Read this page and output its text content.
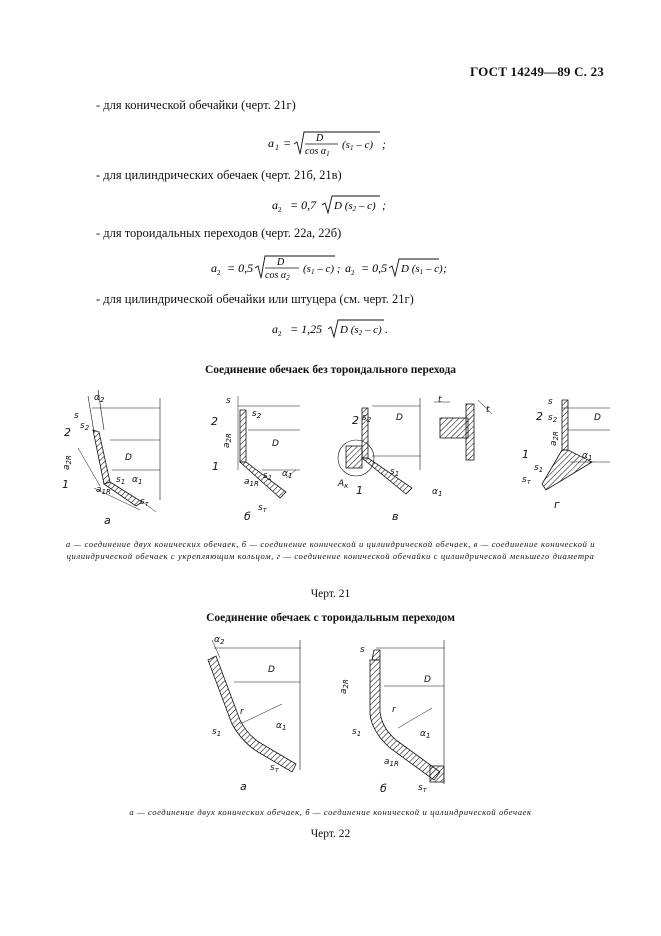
ГОСТ 14249—89 С. 23
- для конической обечайки (черт. 21г)
- для цилиндрических обечаек (черт. 21б, 21в)
- для тороидальных переходов (черт. 22а, 22б)
- для цилиндрической обечайки или штуцера (см. черт. 21г)
a 1 = D
$\cos \alpha_1$
(s1 – c) ;
$a_2 = 0,7$ D (s2 – c) ;
$a_2 = 0,5$ D
$\cos \alpha_2$
(s1 – c) ; $a_2 = 0,5$ D (s1 – c) ;
$a_2 = 1,25$ D (s2 – c) .
Соединение обечаек без тороидального перехода
$\alpha_2$
s
$s_2$
2
$a_{2R}$	D
1	$a_{1R}$
$s_1$ $\alpha_1$
$s_т$
а
s
$s_2$
2
$a_{2R}$
D
1
$a_{1R}$
$s_1$ $\alpha_1$
$s_т$
б
2 $s_2$	D
t
t
$s_1$
$A_к$ 1	$\alpha_1$
в
s
$s_2$
2	D
$a_{2R}$
$s_1$
$\alpha_1$
1
$s_т$
г
$\alpha_2$
D
r
$s_1$
$\alpha_1$
$s_т$
а
s
$a_{2R}$	D
r
$s_1$	$\alpha_1$
$a_{1R}$
$s_т$
б
а — соединение двух конических обечаек, б — соединение конической и цилиндрической обечаек, в — соединение конической и цилиндрической обечаек с укрепляющим кольцом, г — соединение конической обечайки с цилиндрической меньшего диаметра
Черт. 21
Соединение обечаек с тороидальным переходом
а — соединение двух конических обечаек, б — соединение конической и цилиндрической обечаек
Черт. 22
